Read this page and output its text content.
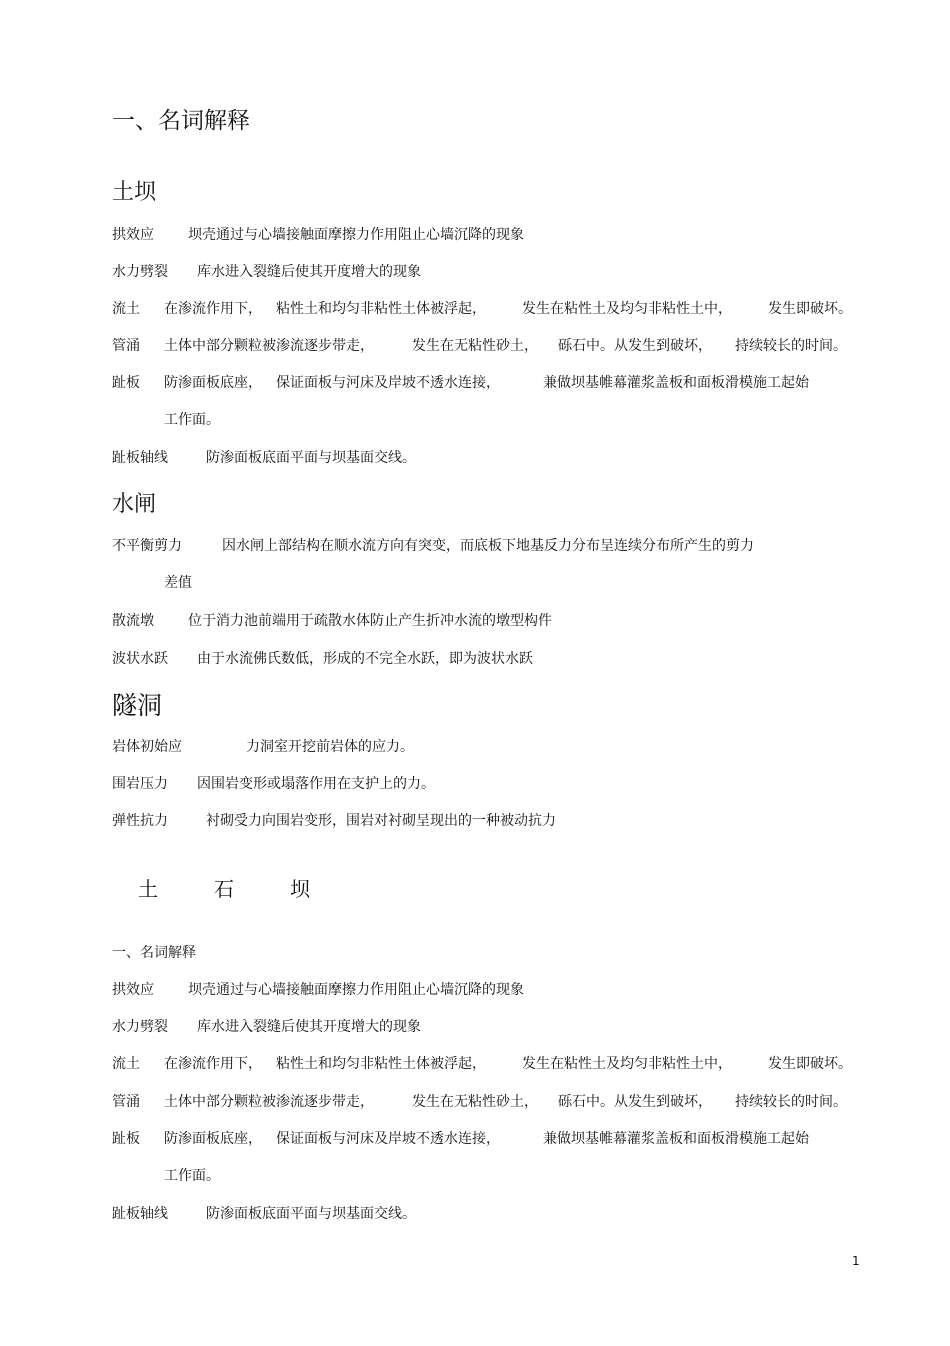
一、名词解释
土坝
拱效应 坝壳通过与心墙接触面摩擦力作用阻止心墙沉降的现象
水力劈裂 库水进入裂缝后使其开度增大的现象
流土 在渗流作用下， 粘性土和均匀非粘性土体被浮起，	发生在粘性土及均匀非粘性土中，	发生即破坏。
管涌 土体中部分颗粒被渗流逐步带走，	发生在无粘性砂土， 砾石中。从发生到破坏， 持续较长的时间。
趾板 防渗面板底座， 保证面板与河床及岸坡不透水连接，	兼做坝基帷幕灌浆盖板和面板滑模施工起始
工作面。
趾板轴线	防渗面板底面平面与坝基面交线。
水闸
不平衡剪力	因水闸上部结构在顺水流方向有突变，而底板下地基反力分布呈连续分布所产生的剪力
差值
散流墩 位于消力池前端用于疏散水体防止产生折冲水流的墩型构件
波状水跃 由于水流佛氏数低，形成的不完全水跃，即为波状水跃
隧洞
岩体初始应	力洞室开挖前岩体的应力。
围岩压力 因围岩变形或塌落作用在支护上的力。
弹性抗力	衬砌受力向围岩变形，围岩对衬砌呈现出的一种被动抗力
土	石	坝
一、名词解释
拱效应 坝壳通过与心墙接触面摩擦力作用阻止心墙沉降的现象
水力劈裂 库水进入裂缝后使其开度增大的现象
流土 在渗流作用下， 粘性土和均匀非粘性土体被浮起，	发生在粘性土及均匀非粘性土中，	发生即破坏。
管涌 土体中部分颗粒被渗流逐步带走，	发生在无粘性砂土， 砾石中。从发生到破坏， 持续较长的时间。
趾板 防渗面板底座， 保证面板与河床及岸坡不透水连接，	兼做坝基帷幕灌浆盖板和面板滑模施工起始
工作面。
趾板轴线	防渗面板底面平面与坝基面交线。
1
